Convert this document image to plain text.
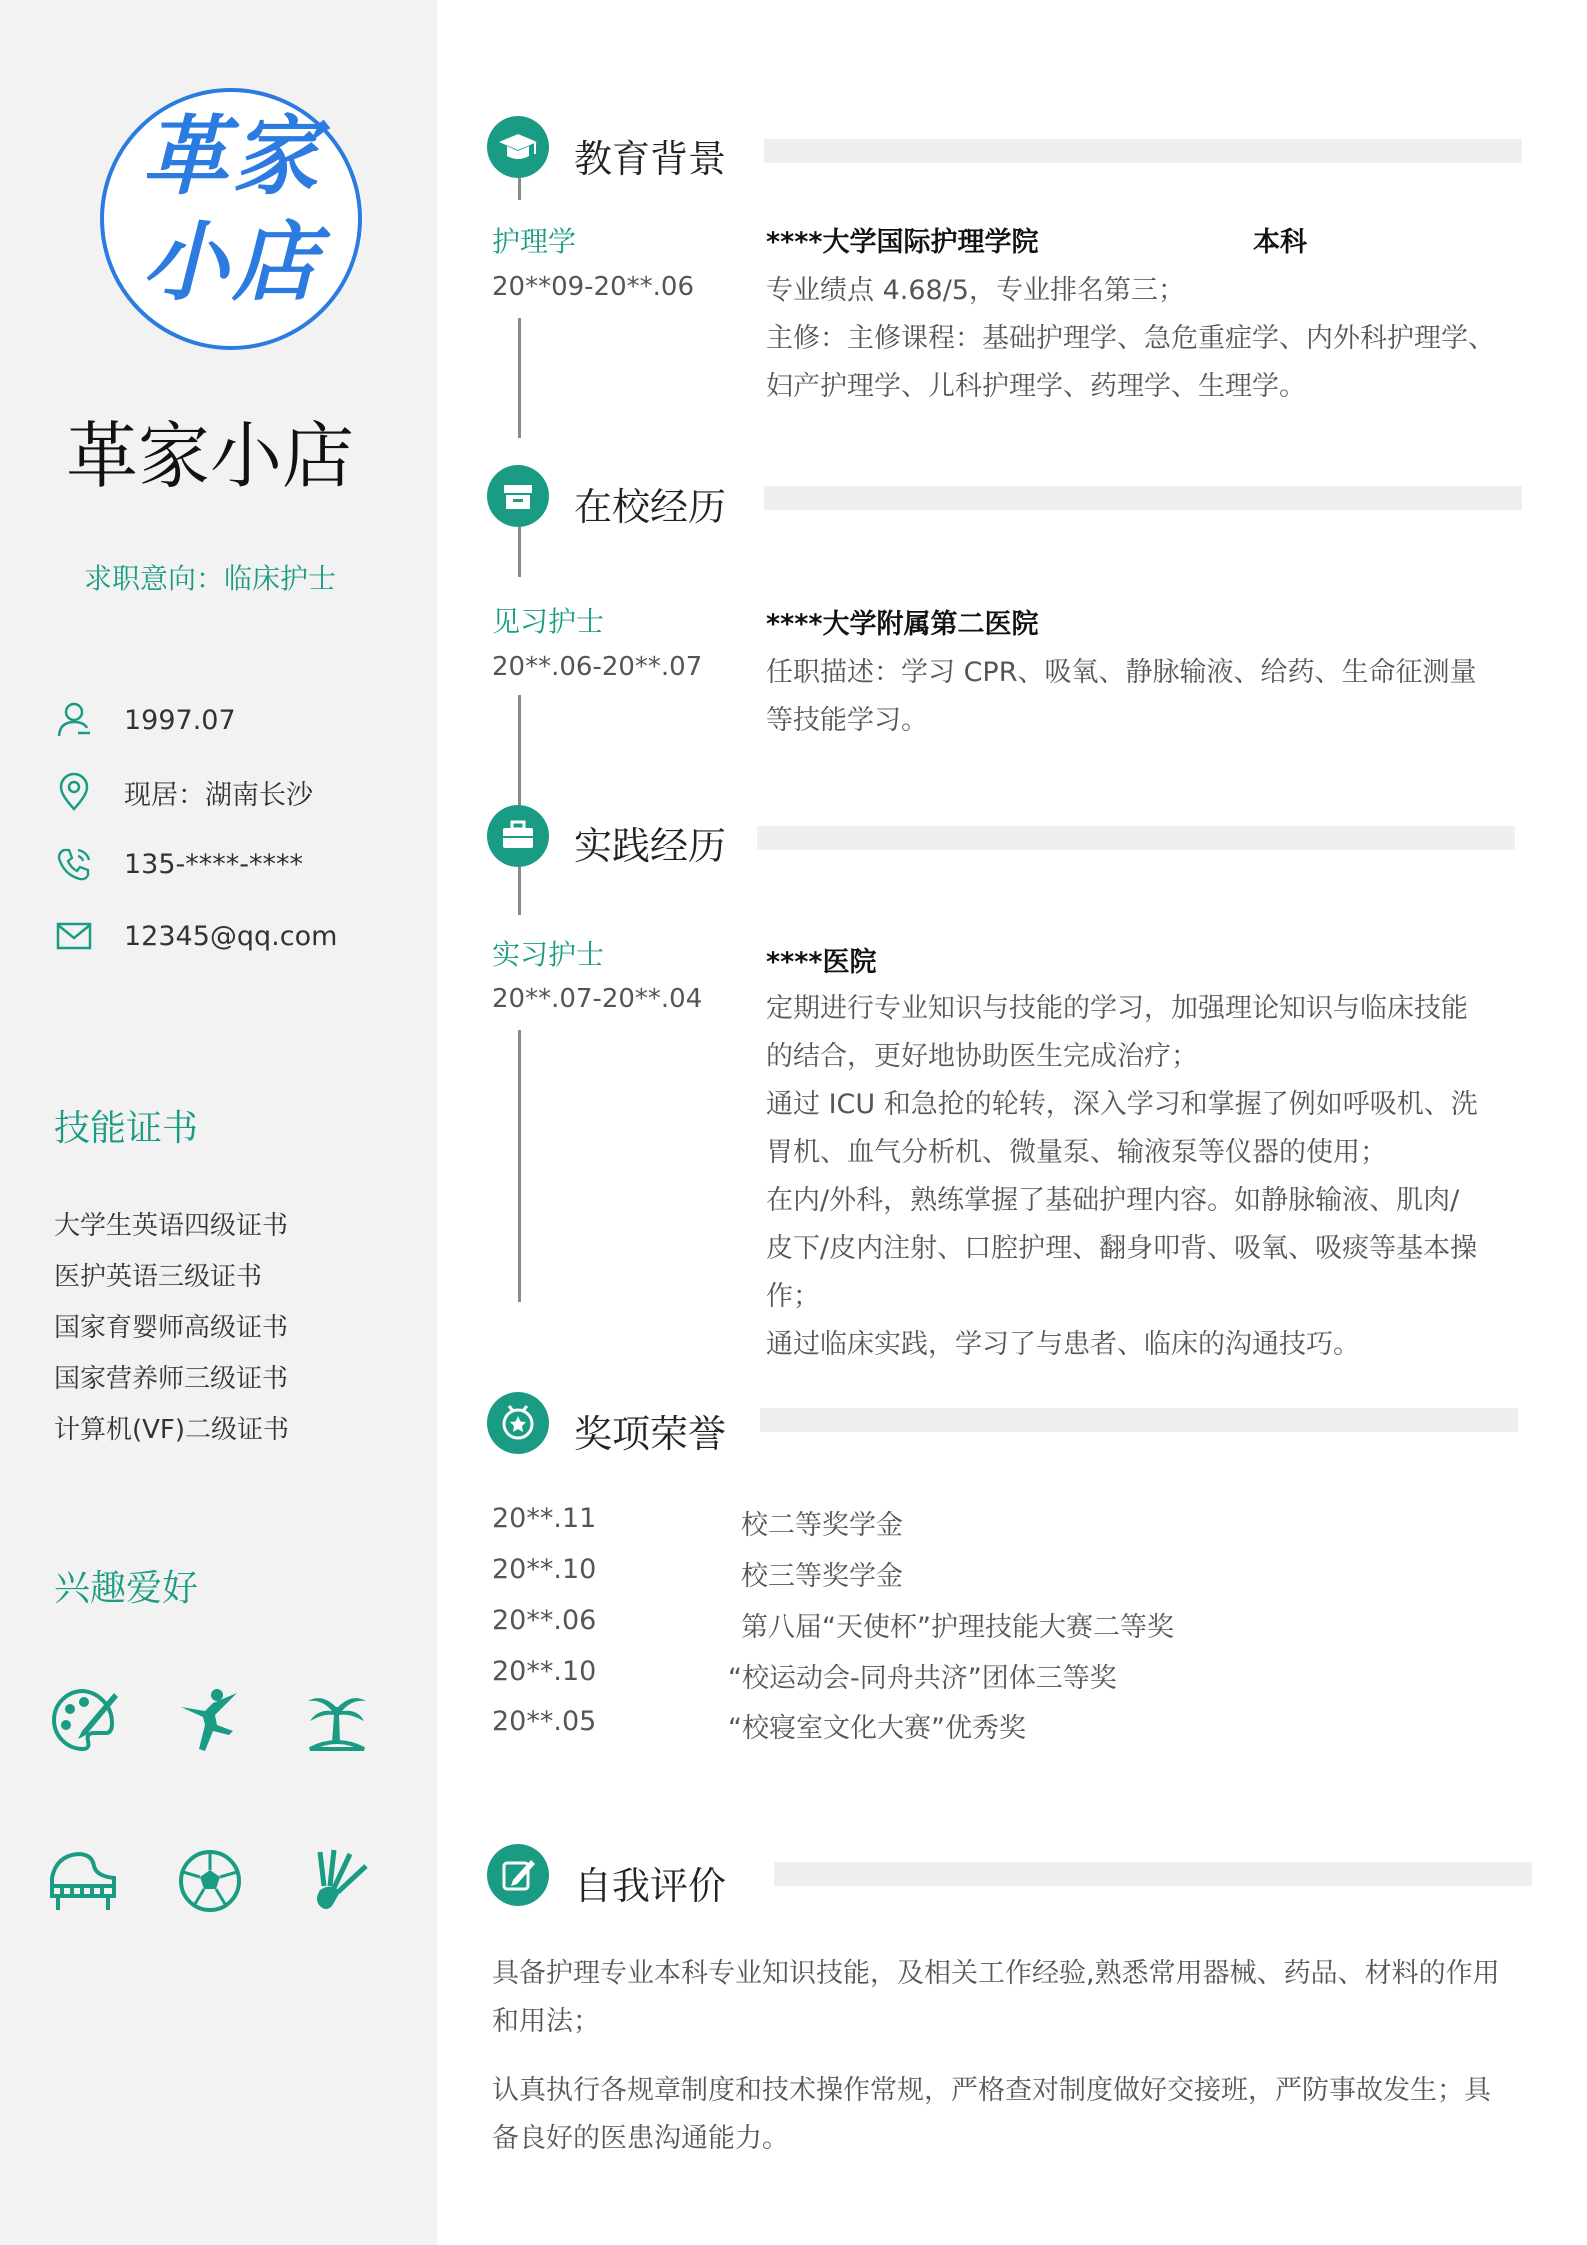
革 家
小 店
革家小店
求职意向：临床护士
1997.07
现居：湖南长沙
135-****-****
12345@qq.com
技能证书
大学生英语四级证书
医护英语三级证书
国家育婴师高级证书
国家营养师三级证书
计算机(VF)二级证书
兴趣爱好
教育背景
护理学
20**09-20**.06
****大学国际护理学院	本科
专业绩点 4.68/5，专业排名第三；
主修：主修课程：基础护理学、急危重症学、内外科护理学、
妇产护理学、儿科护理学、药理学、生理学。
在校经历
见习护士
20**.06-20**.07
****大学附属第二医院
任职描述：学习 CPR、吸氧、静脉输液、给药、生命征测量
等技能学习。
实践经历
实习护士
20**.07-20**.04
****医院
定期进行专业知识与技能的学习，加强理论知识与临床技能
的结合，更好地协助医生完成治疗；
通过 ICU 和急抢的轮转，深入学习和掌握了例如呼吸机、洗
胃机、血气分析机、微量泵、输液泵等仪器的使用；
在内/外科，熟练掌握了基础护理内容。如静脉输液、肌肉/
皮下/皮内注射、口腔护理、翻身叩背、吸氧、吸痰等基本操
作；
通过临床实践，学习了与患者、临床的沟通技巧。
奖项荣誉
20**.11	校二等奖学金
20**.10	校三等奖学金
20**.06	第八届“天使杯”护理技能大赛二等奖
20**.10	“校运动会-同舟共济”团体三等奖
20**.05	“校寝室文化大赛”优秀奖
自我评价
具备护理专业本科专业知识技能，及相关工作经验,熟悉常用器械、药品、材料的作用
和用法；
认真执行各规章制度和技术操作常规，严格查对制度做好交接班，严防事故发生；具
备良好的医患沟通能力。
